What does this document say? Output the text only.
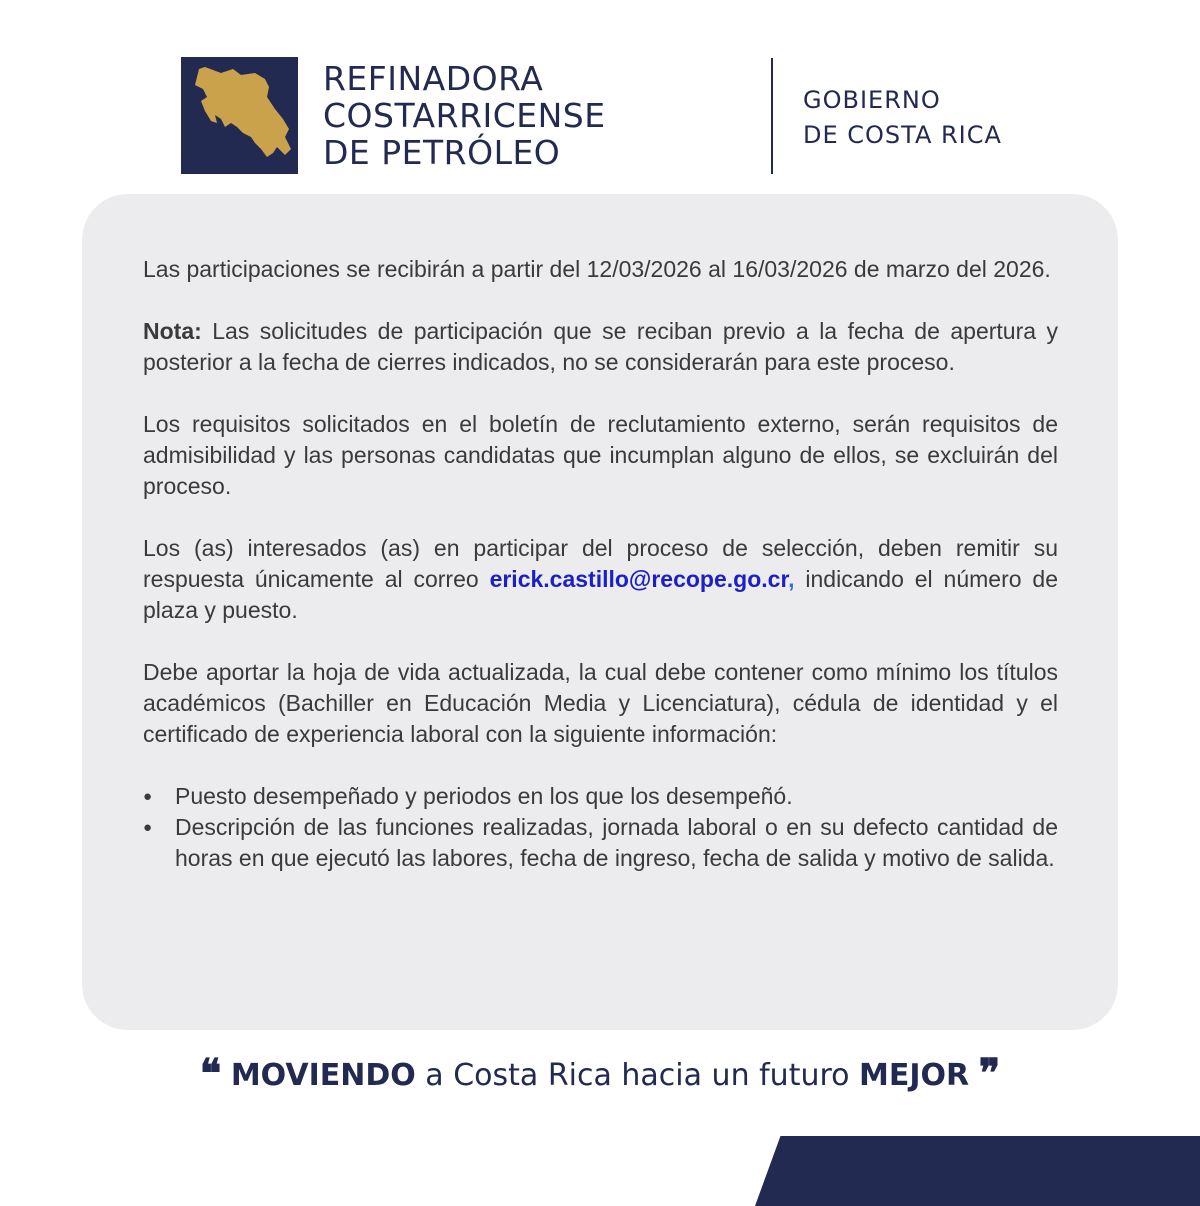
REFINADORA
COSTARRICENSE
DE PETRÓLEO
GOBIERNO
DE COSTA RICA

Las participaciones se recibirán a partir del 12/03/2026 al 16/03/2026 de marzo del 2026.

Nota: Las solicitudes de participación que se reciban previo a la fecha de apertura y posterior a la fecha de cierres indicados, no se considerarán para este proceso.

Los requisitos solicitados en el boletín de reclutamiento externo, serán requisitos de admisibilidad y las personas candidatas que incumplan alguno de ellos, se excluirán del proceso.

Los (as) interesados (as) en participar del proceso de selección, deben remitir su respuesta únicamente al correo erick.castillo@recope.go.cr, indicando el número de plaza y puesto.

Debe aportar la hoja de vida actualizada, la cual debe contener como mínimo los títulos académicos (Bachiller en Educación Media y Licenciatura), cédula de identidad y el certificado de experiencia laboral con la siguiente información:

● Puesto desempeñado y periodos en los que los desempeñó.
● Descripción de las funciones realizadas, jornada laboral o en su defecto cantidad de horas en que ejecutó las labores, fecha de ingreso, fecha de salida y motivo de salida.
❝ MOVIENDO a Costa Rica hacia un futuro MEJOR ❞
